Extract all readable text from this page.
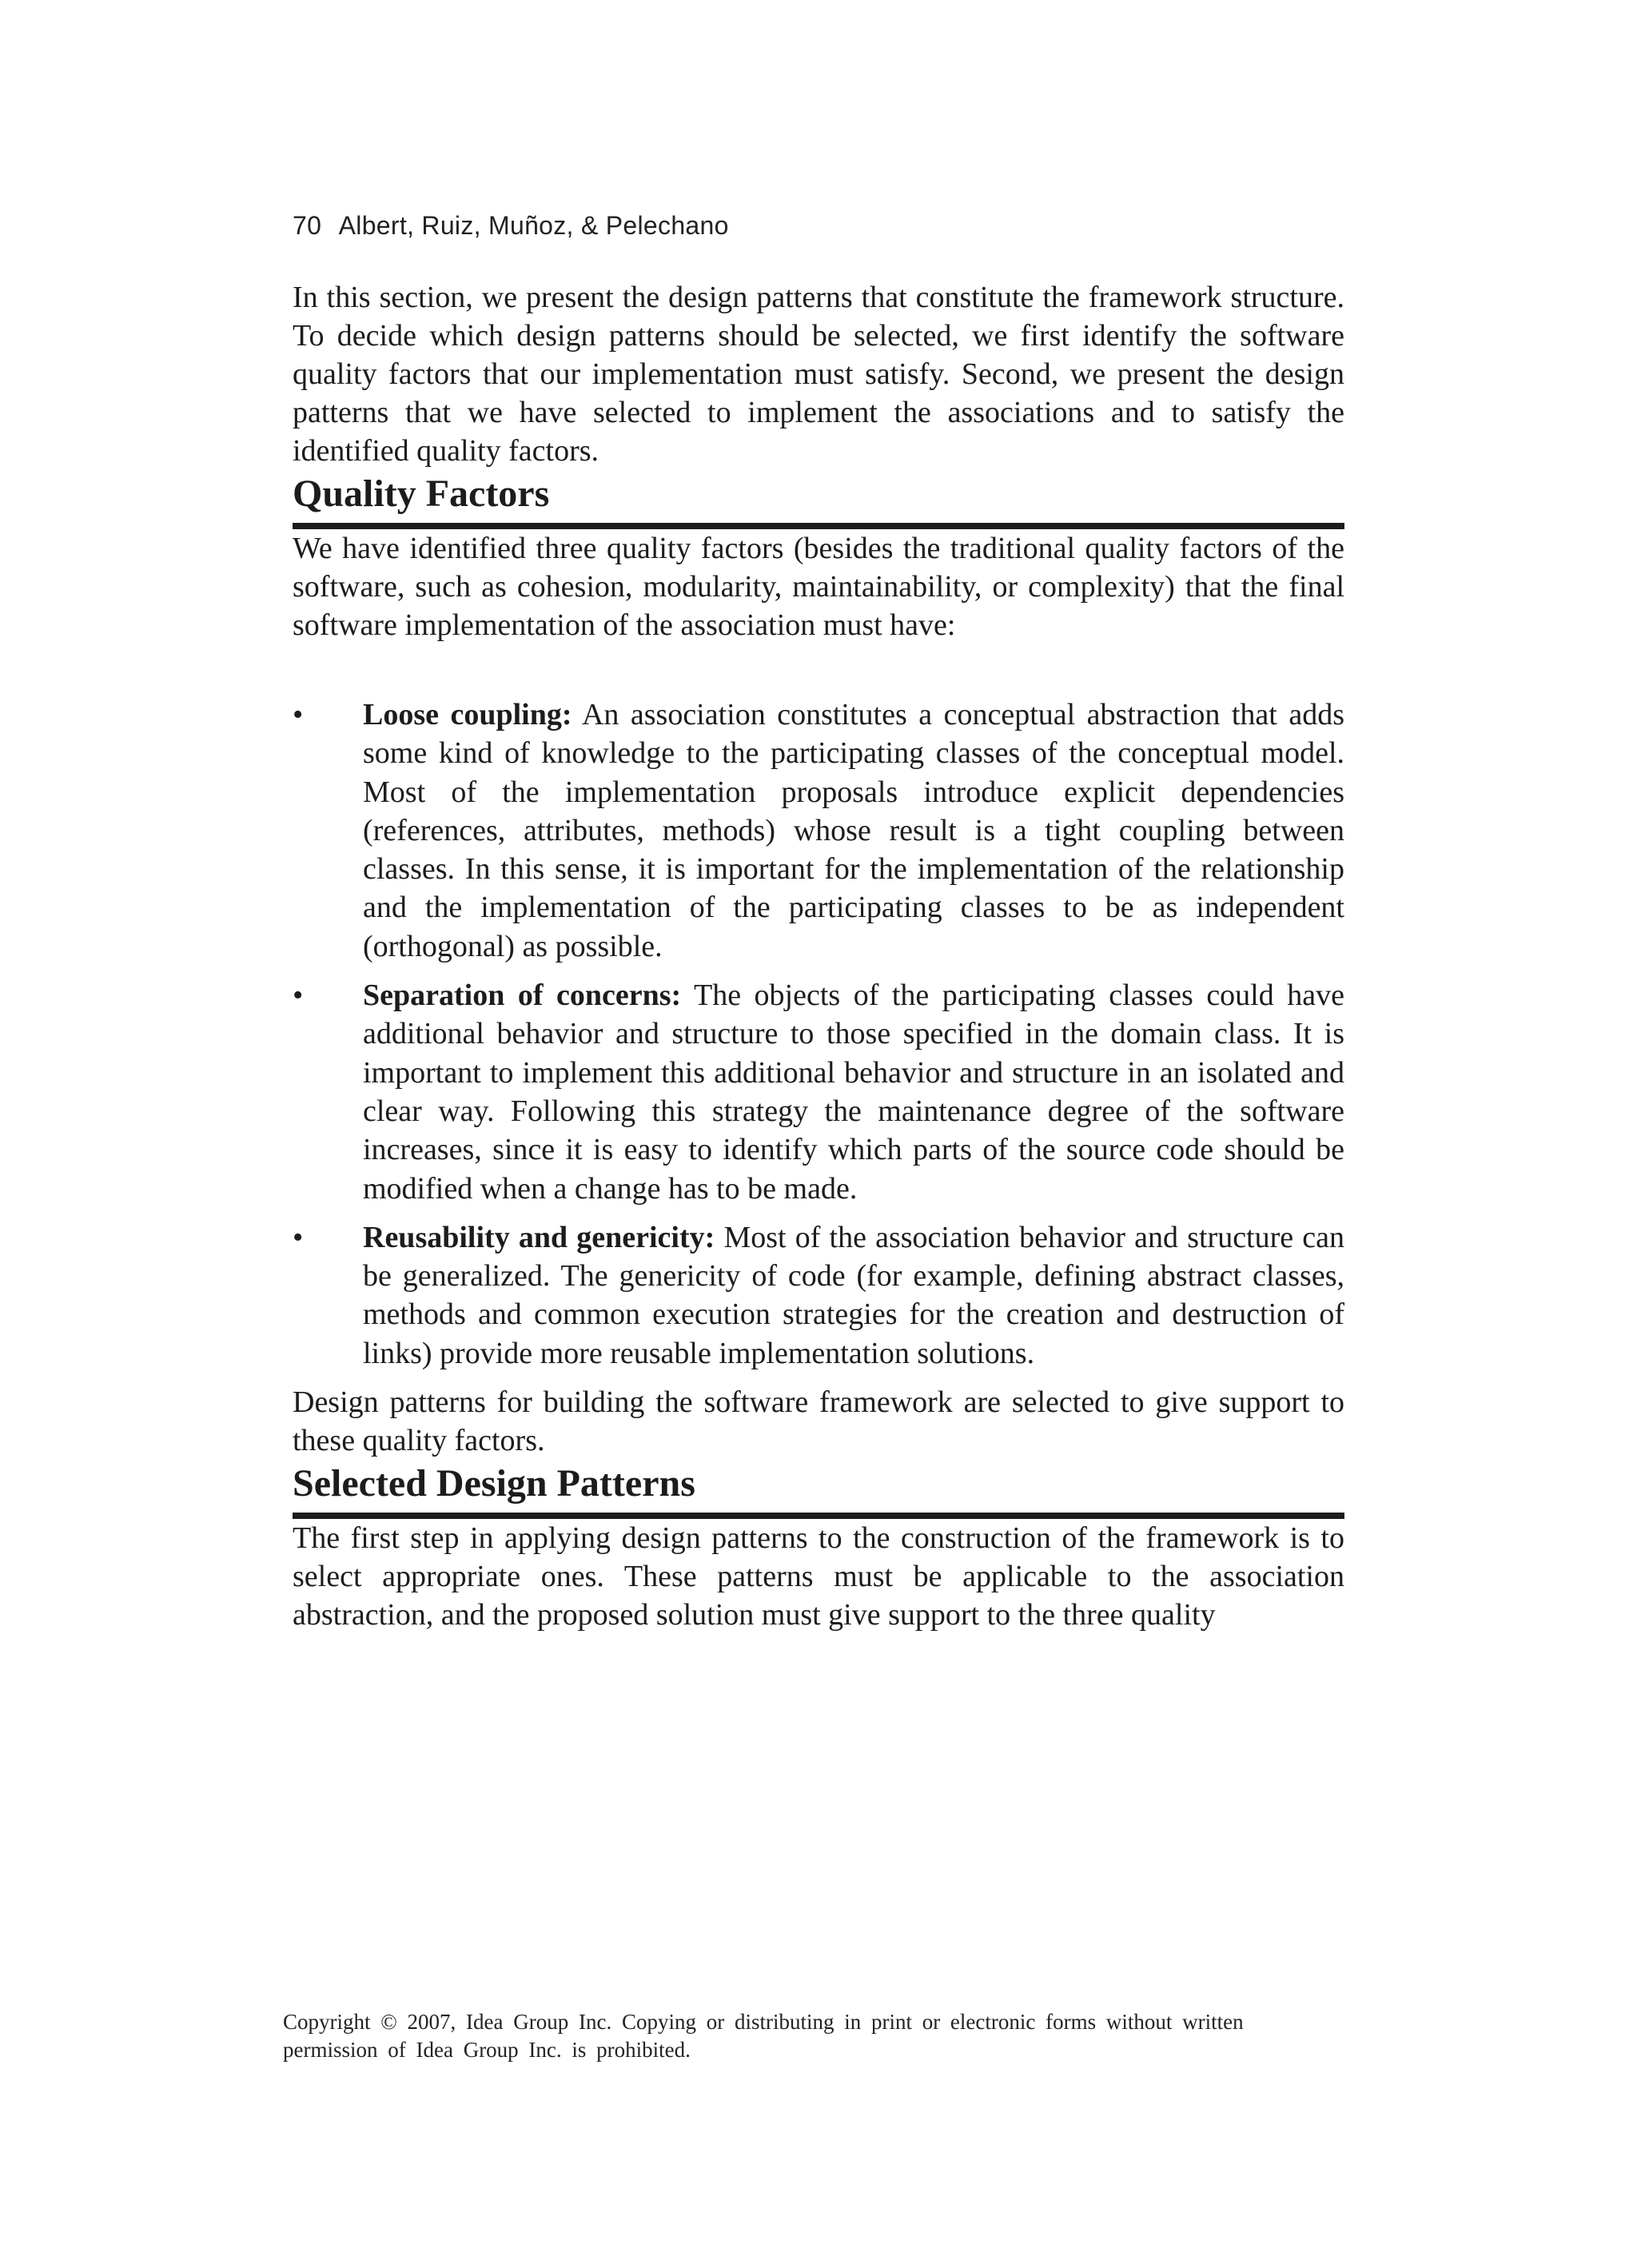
70 Albert, Ruiz, Muñoz, & Pelechano

In this section, we present the design patterns that constitute the framework structure. To decide which design patterns should be selected, we first identify the software quality factors that our implementation must satisfy. Second, we present the design patterns that we have selected to implement the associations and to satisfy the identified quality factors.

Quality Factors

We have identified three quality factors (besides the traditional quality factors of the software, such as cohesion, modularity, maintainability, or complexity) that the final software implementation of the association must have:

• Loose coupling: An association constitutes a conceptual abstraction that adds some kind of knowledge to the participating classes of the conceptual model. Most of the implementation proposals introduce explicit dependencies (references, attributes, methods) whose result is a tight coupling between classes. In this sense, it is important for the implementation of the relationship and the implementation of the participating classes to be as independent (orthogonal) as possible.
• Separation of concerns: The objects of the participating classes could have additional behavior and structure to those specified in the domain class. It is important to implement this additional behavior and structure in an isolated and clear way. Following this strategy the maintenance degree of the software increases, since it is easy to identify which parts of the source code should be modified when a change has to be made.
• Reusability and genericity: Most of the association behavior and structure can be generalized. The genericity of code (for example, defining abstract classes, methods and common execution strategies for the creation and destruction of links) provide more reusable implementation solutions.

Design patterns for building the software framework are selected to give support to these quality factors.

Selected Design Patterns

The first step in applying design patterns to the construction of the framework is to select appropriate ones. These patterns must be applicable to the association abstraction, and the proposed solution must give support to the three quality

Copyright © 2007, Idea Group Inc. Copying or distributing in print or electronic forms without written
permission of Idea Group Inc. is prohibited.
